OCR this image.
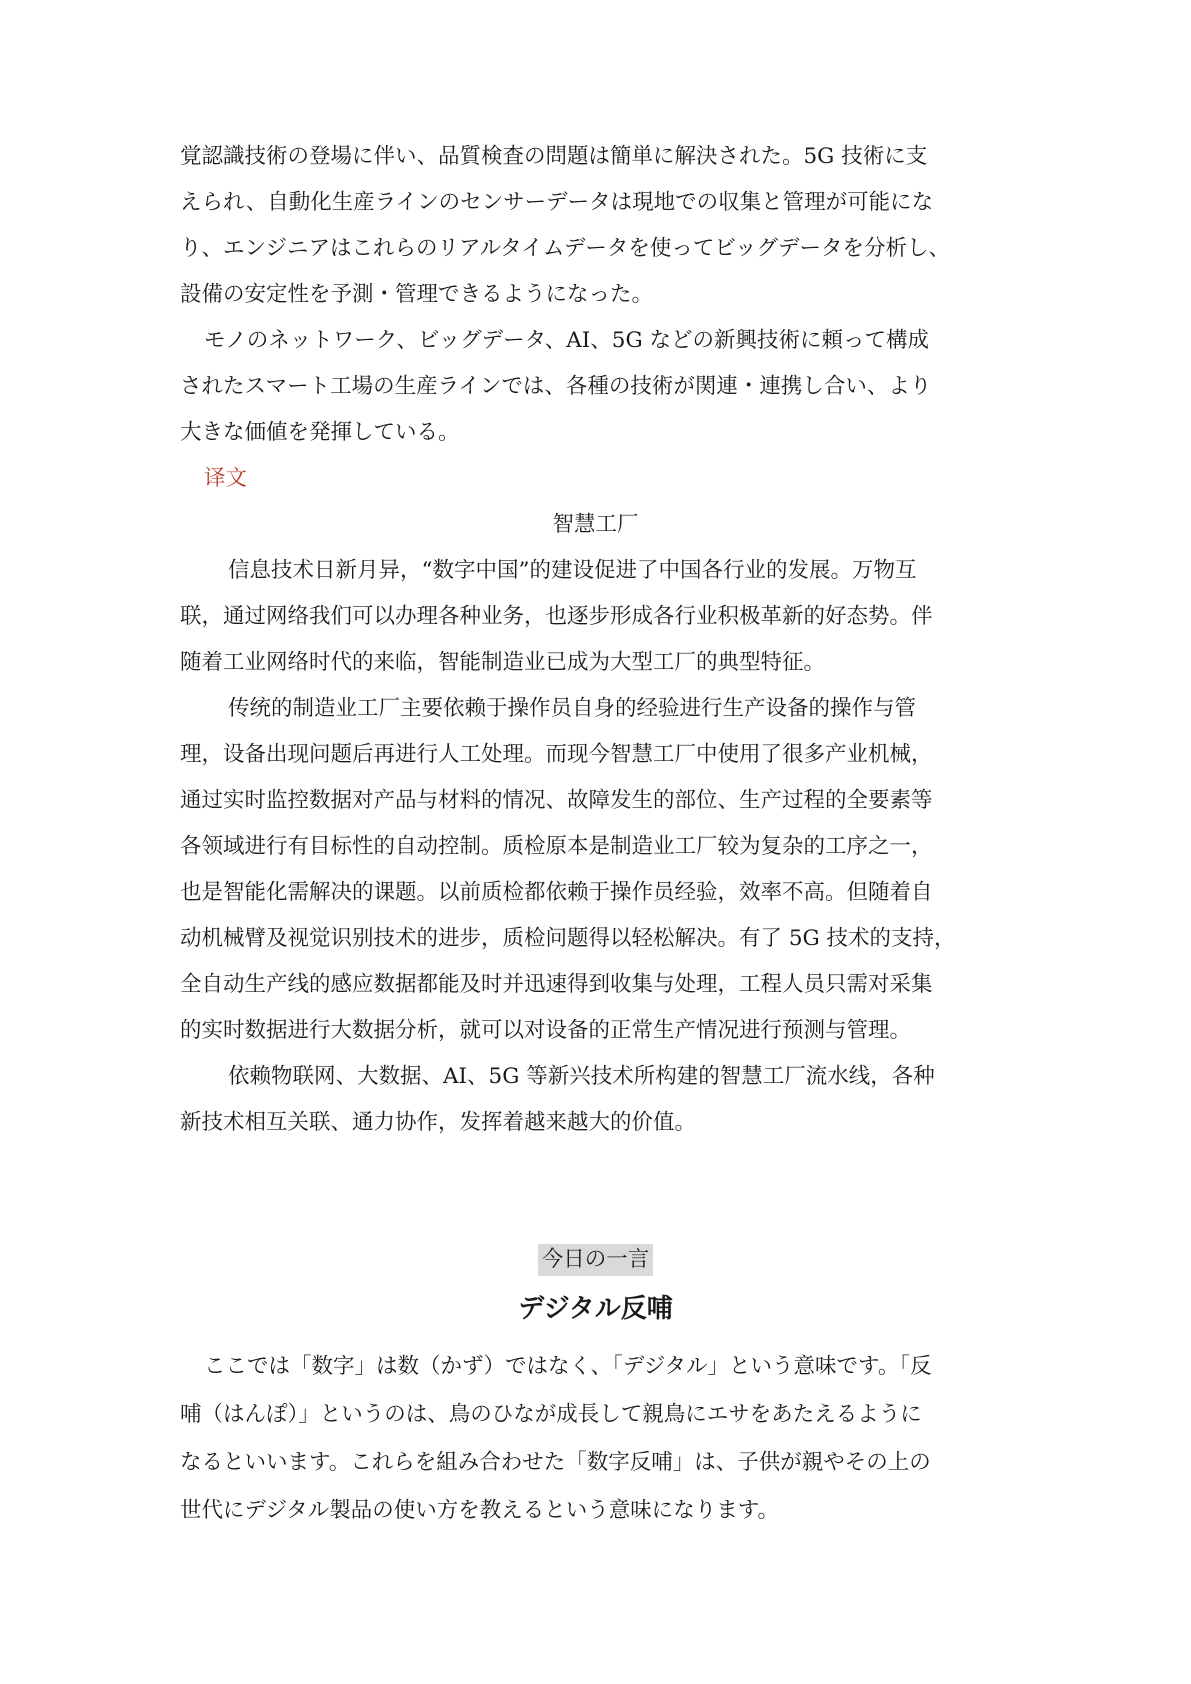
覚認識技術の登場に伴い、品質検査の問題は簡単に解決された。5G 技術に支
えられ、自動化生産ラインのセンサーデータは現地での収集と管理が可能にな
り、エンジニアはこれらのリアルタイムデータを使ってビッグデータを分析し、
設備の安定性を予測・管理できるようになった。
モノのネットワーク、ビッグデータ、AI、5G などの新興技術に頼って構成
されたスマート工場の生産ラインでは、各種の技術が関連・連携し合い、より
大きな価値を発揮している。
译文
智慧工厂
信息技术日新月异，“数字中国”的建设促进了中国各行业的发展。万物互
联，通过网络我们可以办理各种业务，也逐步形成各行业积极革新的好态势。伴
随着工业网络时代的来临，智能制造业已成为大型工厂的典型特征。
传统的制造业工厂主要依赖于操作员自身的经验进行生产设备的操作与管
理，设备出现问题后再进行人工处理。而现今智慧工厂中使用了很多产业机械，
通过实时监控数据对产品与材料的情况、故障发生的部位、生产过程的全要素等
各领域进行有目标性的自动控制。质检原本是制造业工厂较为复杂的工序之一，
也是智能化需解决的课题。以前质检都依赖于操作员经验，效率不高。但随着自
动机械臂及视觉识别技术的进步，质检问题得以轻松解决。有了 5G 技术的支持，
全自动生产线的感应数据都能及时并迅速得到收集与处理，工程人员只需对采集
的实时数据进行大数据分析，就可以对设备的正常生产情况进行预测与管理。
依赖物联网、大数据、AI、5G 等新兴技术所构建的智慧工厂流水线，各种
新技术相互关联、通力协作，发挥着越来越大的价值。
今日の一言
デジタル反哺
ここでは「数字」は数（かず）ではなく、「デジタル」という意味です。「反
哺（はんぽ）」というのは、鳥のひなが成長して親鳥にエサをあたえるように
なるといいます。これらを組み合わせた「数字反哺」は、子供が親やその上の
世代にデジタル製品の使い方を教えるという意味になります。
